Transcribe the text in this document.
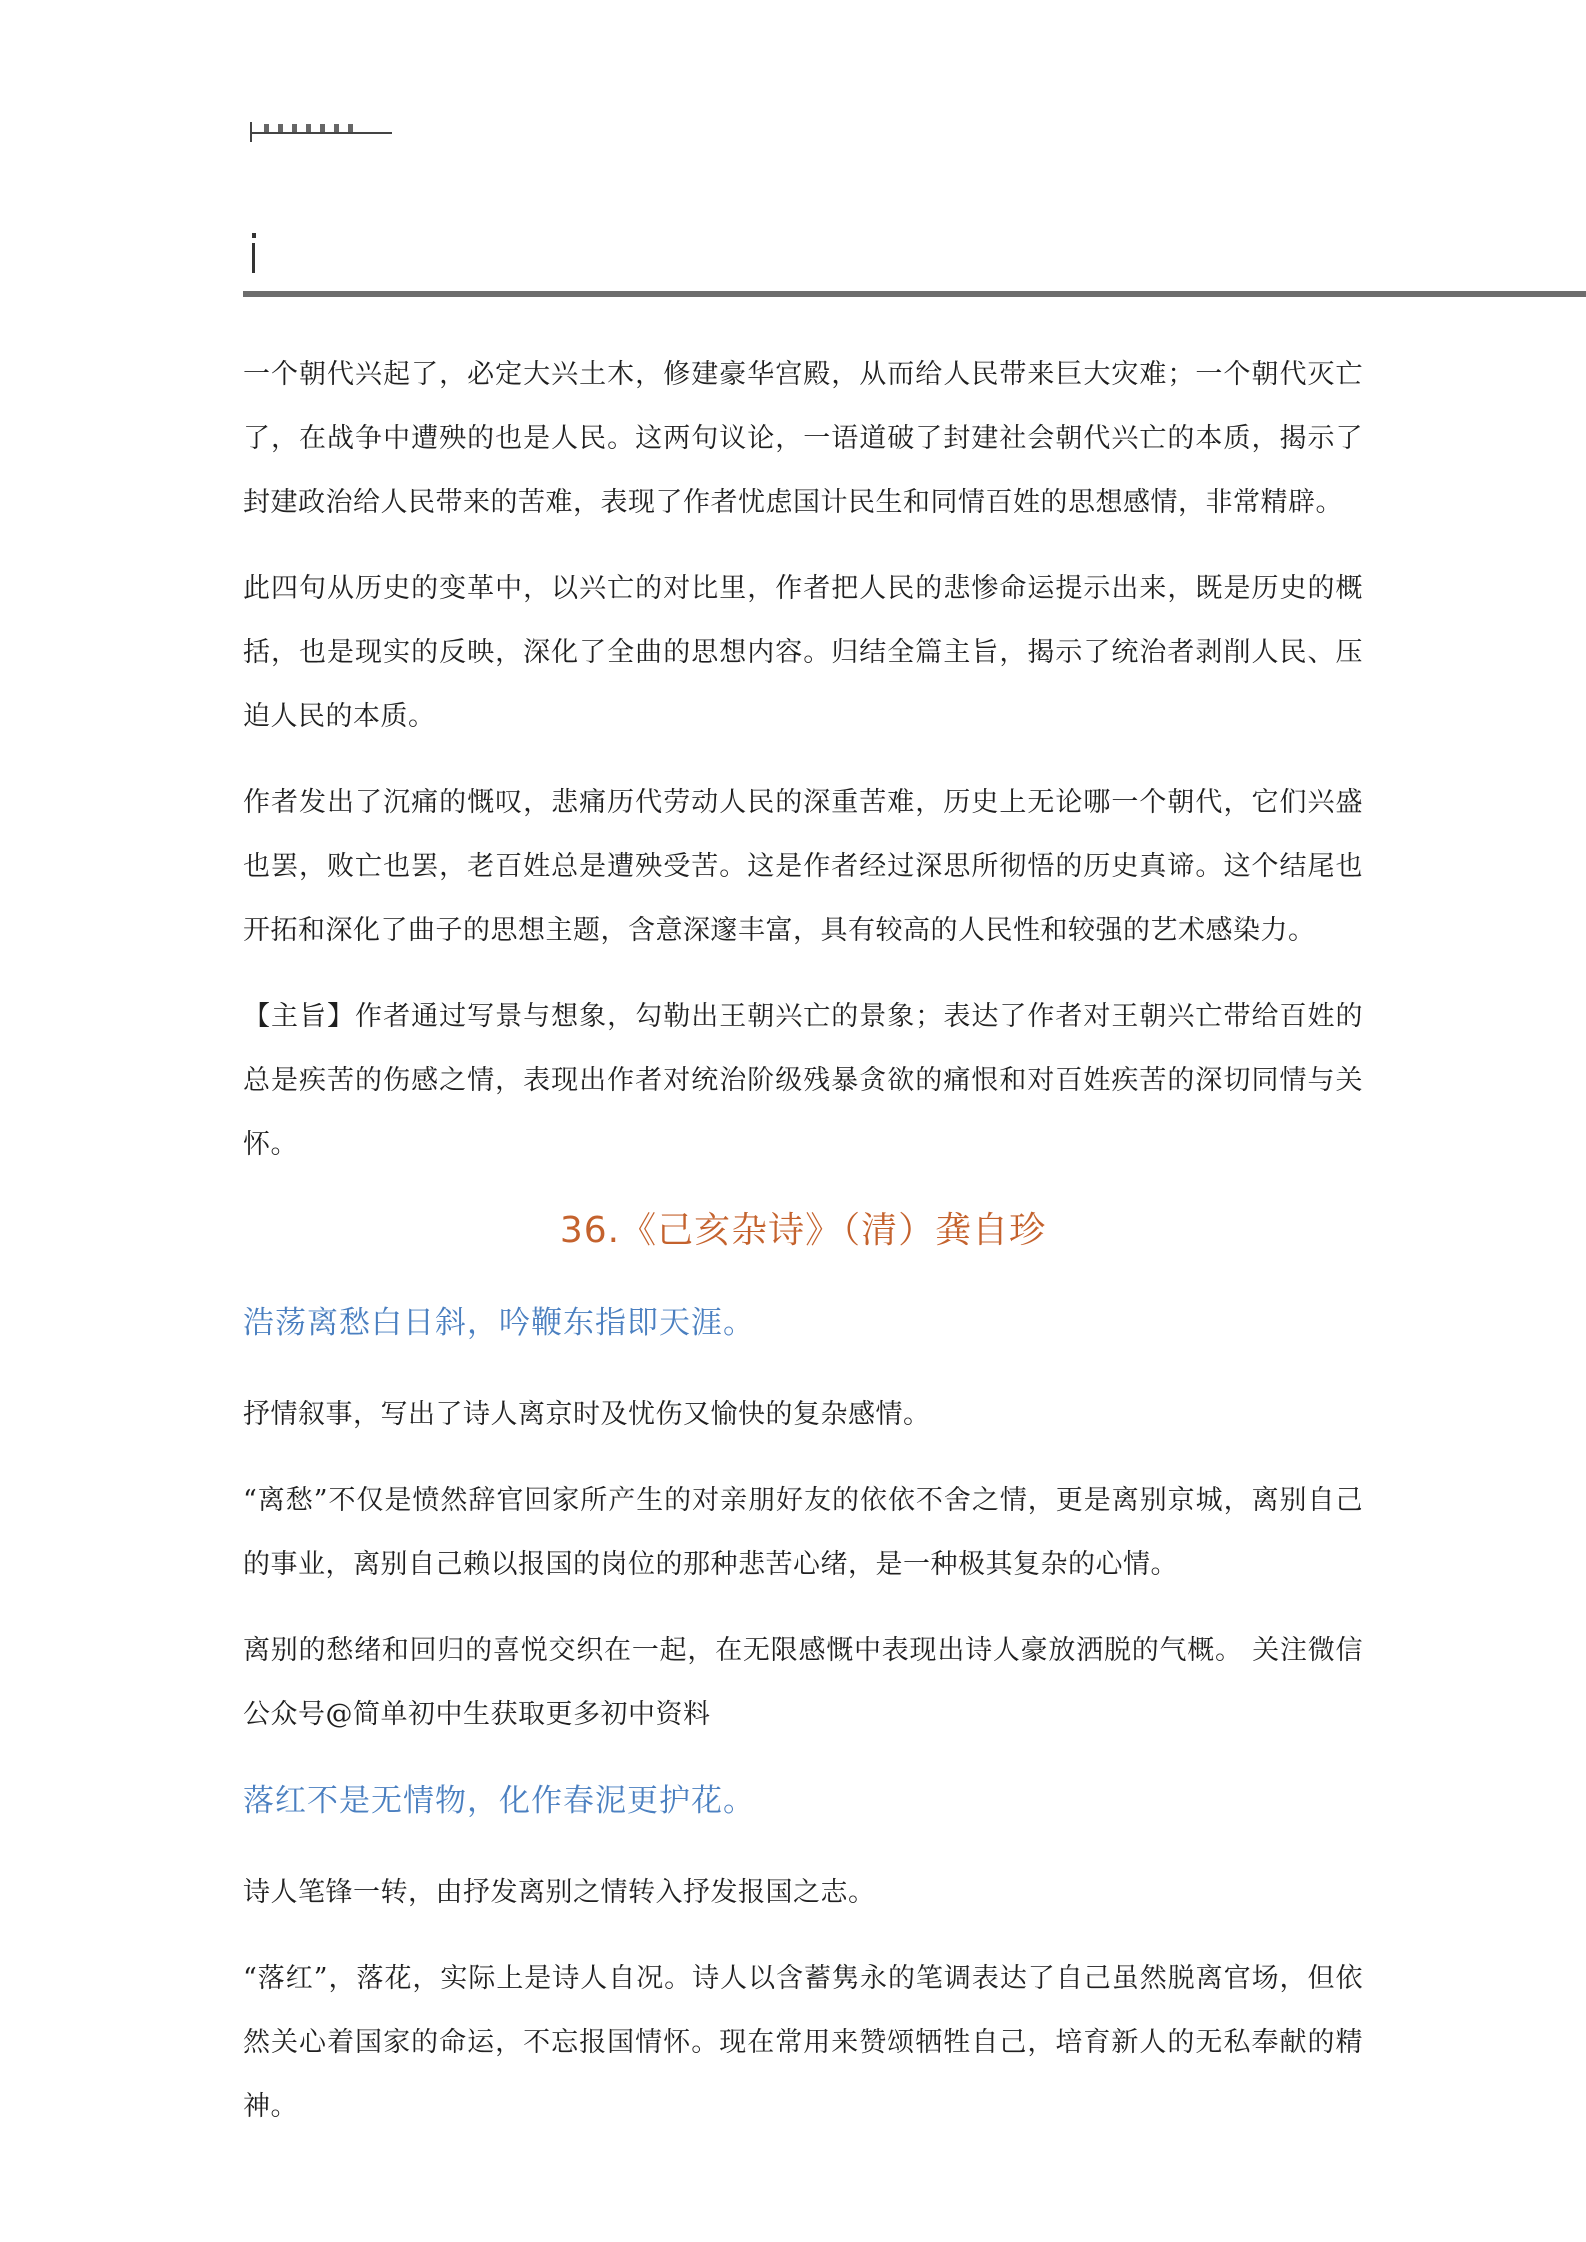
一个朝代兴起了，必定大兴土木，修建豪华宫殿，从而给人民带来巨大灾难；一个朝代灭亡了，在战争中遭殃的也是人民。这两句议论，一语道破了封建社会朝代兴亡的本质，揭示了封建政治给人民带来的苦难，表现了作者忧虑国计民生和同情百姓的思想感情，非常精辟。

此四句从历史的变革中，以兴亡的对比里，作者把人民的悲惨命运提示出来，既是历史的概括，也是现实的反映，深化了全曲的思想内容。归结全篇主旨，揭示了统治者剥削人民、压迫人民的本质。

作者发出了沉痛的慨叹，悲痛历代劳动人民的深重苦难，历史上无论哪一个朝代，它们兴盛也罢，败亡也罢，老百姓总是遭殃受苦。这是作者经过深思所彻悟的历史真谛。这个结尾也开拓和深化了曲子的思想主题，含意深邃丰富，具有较高的人民性和较强的艺术感染力。

【主旨】作者通过写景与想象，勾勒出王朝兴亡的景象；表达了作者对王朝兴亡带给百姓的总是疾苦的伤感之情，表现出作者对统治阶级残暴贪欲的痛恨和对百姓疾苦的深切同情与关怀。

36.《己亥杂诗》（清）龚自珍
浩荡离愁白日斜，吟鞭东指即天涯。

抒情叙事，写出了诗人离京时及忧伤又愉快的复杂感情。

“离愁”不仅是愤然辞官回家所产生的对亲朋好友的依依不舍之情，更是离别京城，离别自己的事业，离别自己赖以报国的岗位的那种悲苦心绪，是一种极其复杂的心情。

离别的愁绪和回归的喜悦交织在一起，在无限感慨中表现出诗人豪放洒脱的气概。 关注微信公众号@简单初中生获取更多初中资料

落红不是无情物，化作春泥更护花。

诗人笔锋一转，由抒发离别之情转入抒发报国之志。

“落红”，落花，实际上是诗人自况。诗人以含蓄隽永的笔调表达了自己虽然脱离官场，但依然关心着国家的命运，不忘报国情怀。现在常用来赞颂牺牲自己，培育新人的无私奉献的精神。
